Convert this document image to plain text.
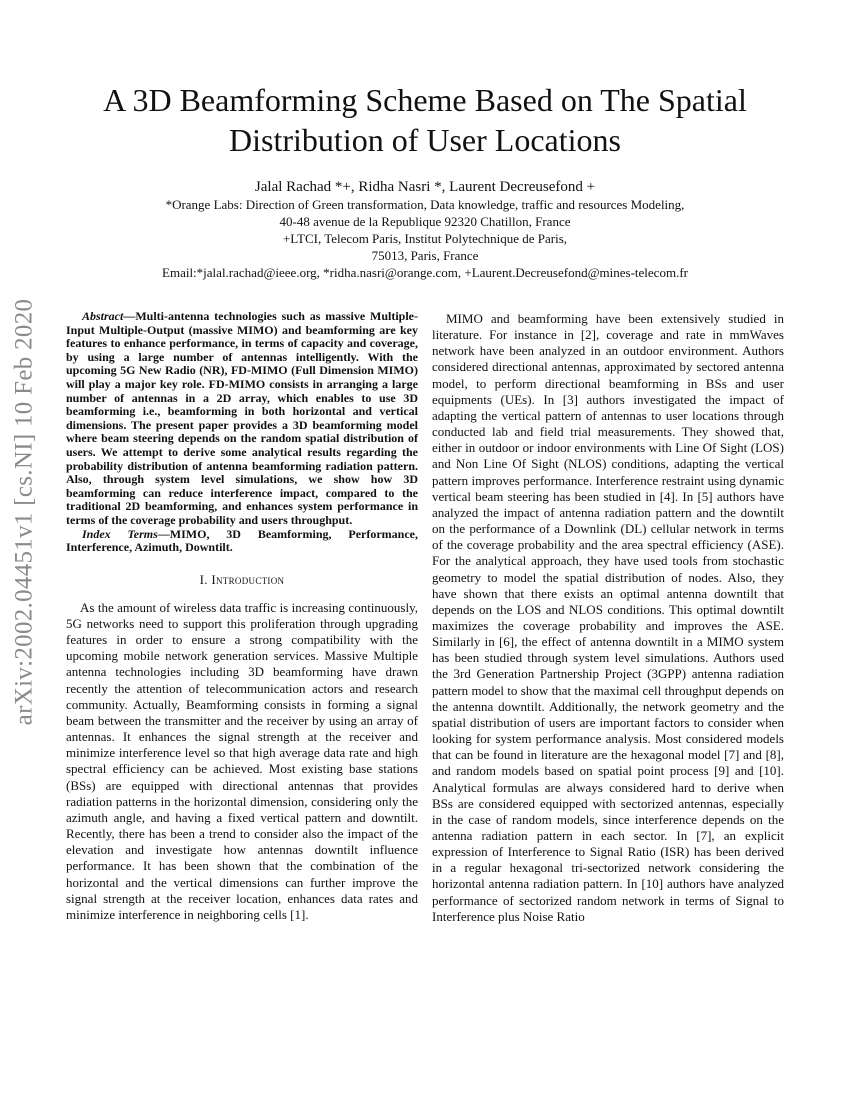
arXiv:2002.04451v1 [cs.NI] 10 Feb 2020
A 3D Beamforming Scheme Based on The Spatial
Distribution of User Locations
Jalal Rachad *+, Ridha Nasri *, Laurent Decreusefond +
*Orange Labs: Direction of Green transformation, Data knowledge, traffic and resources Modeling,
40-48 avenue de la Republique 92320 Chatillon, France
+LTCI, Telecom Paris, Institut Polytechnique de Paris,
75013, Paris, France
Email:*jalal.rachad@ieee.org, *ridha.nasri@orange.com, +Laurent.Decreusefond@mines-telecom.fr

Abstract—Multi-antenna technologies such as massive Multiple-Input Multiple-Output (massive MIMO) and beamforming are key features to enhance performance, in terms of capacity and coverage, by using a large number of antennas intelligently. With the upcoming 5G New Radio (NR), FD-MIMO (Full Dimension MIMO) will play a major key role. FD-MIMO consists in arranging a large number of antennas in a 2D array, which enables to use 3D beamforming i.e., beamforming in both horizontal and vertical dimensions. The present paper provides a 3D beamforming model where beam steering depends on the random spatial distribution of users. We attempt to derive some analytical results regarding the probability distribution of antenna beamforming radiation pattern. Also, through system level simulations, we show how 3D beamforming can reduce interference impact, compared to the traditional 2D beamforming, and enhances system performance in terms of the coverage probability and users throughput.

Index Terms—MIMO, 3D Beamforming, Performance, Interference, Azimuth, Downtilt.

I. Introduction

As the amount of wireless data traffic is increasing continuously, 5G networks need to support this proliferation through upgrading features in order to ensure a strong compatibility with the upcoming mobile network generation services. Massive Multiple antenna technologies including 3D beamforming have drawn recently the attention of telecommunication actors and research community. Actually, Beamforming consists in forming a signal beam between the transmitter and the receiver by using an array of antennas. It enhances the signal strength at the receiver and minimize interference level so that high average data rate and high spectral efficiency can be achieved. Most existing base stations (BSs) are equipped with directional antennas that provides radiation patterns in the horizontal dimension, considering only the azimuth angle, and having a fixed vertical pattern and downtilt. Recently, there has been a trend to consider also the impact of the elevation and investigate how antennas downtilt influence performance. It has been shown that the combination of the horizontal and the vertical dimensions can further improve the signal strength at the receiver location, enhances data rates and minimize interference in neighboring cells [1].

MIMO and beamforming have been extensively studied in literature. For instance in [2], coverage and rate in mmWaves network have been analyzed in an outdoor environment. Authors considered directional antennas, approximated by sectored antenna model, to perform directional beamforming in BSs and user equipments (UEs). In [3] authors investigated the impact of adapting the vertical pattern of antennas to user locations through conducted lab and field trial measurements. They showed that, either in outdoor or indoor environments with Line Of Sight (LOS) and Non Line Of Sight (NLOS) conditions, adapting the vertical pattern improves performance. Interference restraint using dynamic vertical beam steering has been studied in [4]. In [5] authors have analyzed the impact of antenna radiation pattern and the downtilt on the performance of a Downlink (DL) cellular network in terms of the coverage probability and the area spectral efficiency (ASE). For the analytical approach, they have used tools from stochastic geometry to model the spatial distribution of nodes. Also, they have shown that there exists an optimal antenna downtilt that depends on the LOS and NLOS conditions. This optimal downtilt maximizes the coverage probability and improves the ASE. Similarly in [6], the effect of antenna downtilt in a MIMO system has been studied through system level simulations. Authors used the 3rd Generation Partnership Project (3GPP) antenna radiation pattern model to show that the maximal cell throughput depends on the antenna downtilt. Additionally, the network geometry and the spatial distribution of users are important factors to consider when looking for system performance analysis. Most considered models that can be found in literature are the hexagonal model [7] and [8], and random models based on spatial point process [9] and [10]. Analytical formulas are always considered hard to derive when BSs are considered equipped with sectorized antennas, especially in the case of random models, since interference depends on the antenna radiation pattern in each sector. In [7], an explicit expression of Interference to Signal Ratio (ISR) has been derived in a regular hexagonal tri-sectorized network considering the horizontal antenna radiation pattern. In [10] authors have analyzed performance of sectorized random network in terms of Signal to Interference plus Noise Ratio
